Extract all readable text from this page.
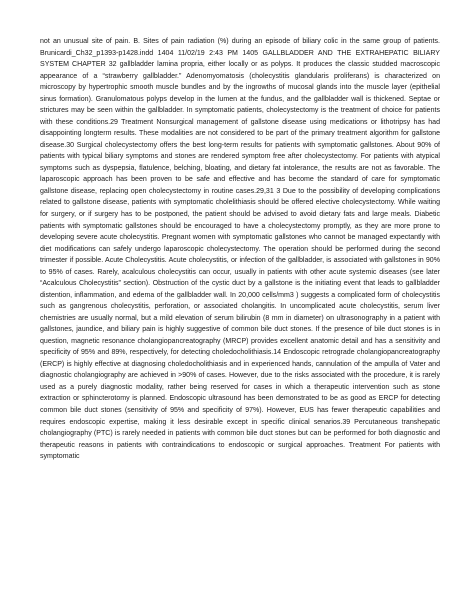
not an unusual site of pain. B. Sites of pain radiation (%) during an episode of biliary colic in the same group of patients. Brunicardi_Ch32_p1393-p1428.indd 1404 11/02/19 2:43 PM 1405 GALLBLADDER AND THE EXTRAHEPATIC BILIARY SYSTEM CHAPTER 32 gallbladder lamina propria, either locally or as polyps. It produces the classic studded macroscopic appearance of a “strawberry gallbladder.” Adenomyomatosis (cholecystitis glandularis proliferans) is characterized on microscopy by hypertrophic smooth muscle bundles and by the ingrowths of mucosal glands into the muscle layer (epithelial sinus formation). Granulomatous polyps develop in the lumen at the fundus, and the gallbladder wall is thickened. Septae or strictures may be seen within the gallbladder. In symptomatic patients, cholecystectomy is the treatment of choice for patients with these conditions.29 Treatment Nonsurgical management of gallstone disease using medications or lithotripsy has had disappointing longterm results. These modalities are not considered to be part of the primary treatment algorithm for gallstone disease.30 Surgical cholecystectomy offers the best long-term results for patients with symptomatic gallstones. About 90% of patients with typical biliary symptoms and stones are rendered symptom free after cholecystectomy. For patients with atypical symptoms such as dyspepsia, flatulence, belching, bloating, and dietary fat intolerance, the results are not as favorable. The laparoscopic approach has been proven to be safe and effective and has become the standard of care for symptomatic gallstone disease, replacing open cholecystectomy in routine cases.29,31 3 Due to the possibility of developing complications related to gallstone disease, patients with symptomatic cholelithiasis should be offered elective cholecystectomy. While waiting for surgery, or if surgery has to be postponed, the patient should be advised to avoid dietary fats and large meals. Diabetic patients with symptomatic gallstones should be encouraged to have a cholecystectomy promptly, as they are more prone to developing severe acute cholecystitis. Pregnant women with symptomatic gallstones who cannot be managed expectantly with diet modifications can safely undergo laparoscopic cholecystectomy. The operation should be performed during the second trimester if possible. Acute Cholecystitis. Acute cholecystitis, or infection of the gallbladder, is associated with gallstones in 90% to 95% of cases. Rarely, acalculous cholecystitis can occur, usually in patients with other acute systemic diseases (see later “Acalculous Cholecystitis” section). Obstruction of the cystic duct by a gallstone is the initiating event that leads to gallbladder distention, inflammation, and edema of the gallbladder wall. In 20,000 cells/mm3 ) suggests a complicated form of cholecystitis such as gangrenous cholecystitis, perforation, or associated cholangitis. In uncomplicated acute cholecystitis, serum liver chemistries are usually normal, but a mild elevation of serum bilirubin (8 mm in diameter) on ultrasonography in a patient with gallstones, jaundice, and biliary pain is highly suggestive of common bile duct stones. If the presence of bile duct stones is in question, magnetic resonance cholangiopancreatography (MRCP) provides excellent anatomic detail and has a sensitivity and specificity of 95% and 89%, respectively, for detecting choledocholithiasis.14 Endoscopic retrograde cholangiopancreatography (ERCP) is highly effective at diagnosing choledocholithiasis and in experienced hands, cannulation of the ampulla of Vater and diagnostic cholangiography are achieved in >90% of cases. However, due to the risks associated with the procedure, it is rarely used as a purely diagnostic modality, rather being reserved for cases in which a therapeutic intervention such as stone extraction or sphincterotomy is planned. Endoscopic ultrasound has been demonstrated to be as good as ERCP for detecting common bile duct stones (sensitivity of 95% and specificity of 97%). However, EUS has fewer therapeutic capabilities and requires endoscopic expertise, making it less desirable except in specific clinical senarios.39 Percutaneous transhepatic cholangiography (PTC) is rarely needed in patients with common bile duct stones but can be performed for both diagnostic and therapeutic reasons in patients with contraindications to endoscopic or surgical approaches. Treatment For patients with symptomatic
